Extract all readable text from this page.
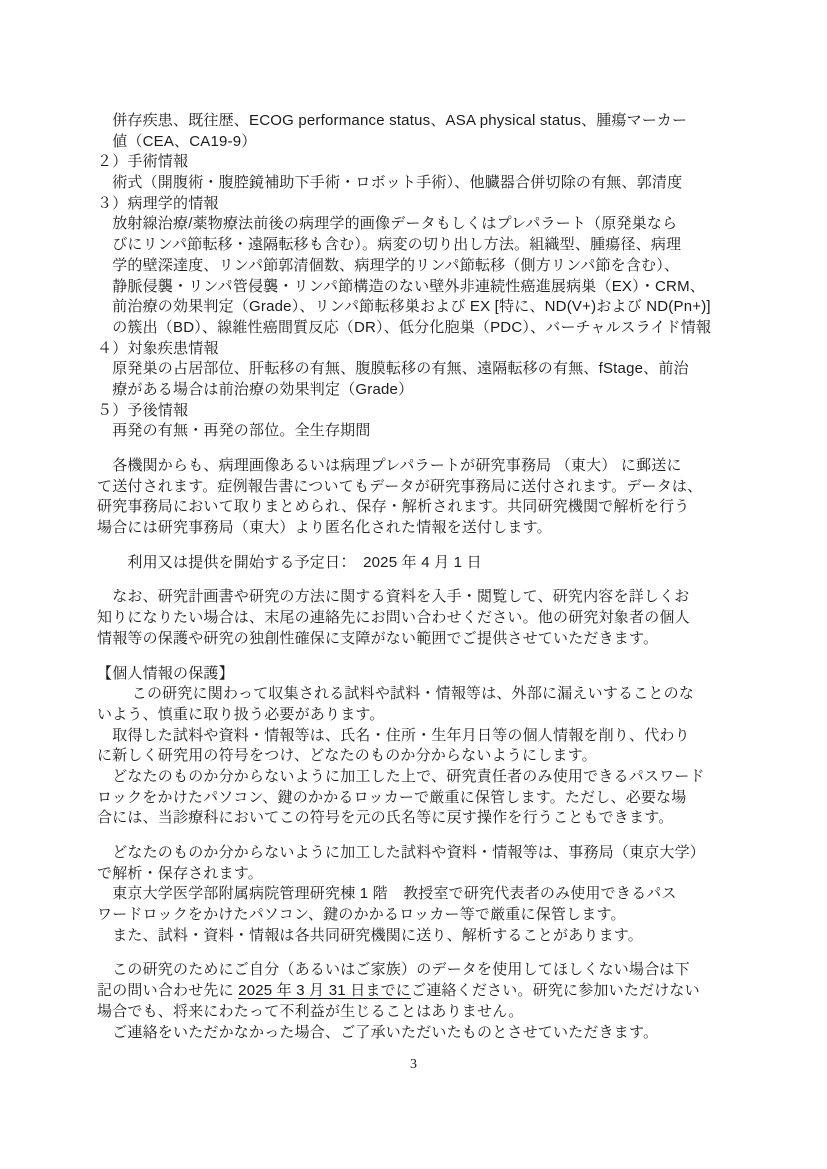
　併存疾患、既往歴、ECOG performance status、ASA physical status、腫瘍マーカー
　値（CEA、CA19-9）
２）手術情報
　術式（開腹術・腹腔鏡補助下手術・ロボット手術）、他臓器合併切除の有無、郭清度
３）病理学的情報
　放射線治療/薬物療法前後の病理学的画像データもしくはプレパラート（原発巣なら
　びにリンパ節転移・遠隔転移も含む）。病変の切り出し方法。組織型、腫瘍径、病理
　学的壁深達度、リンパ節郭清個数、病理学的リンパ節転移（側方リンパ節を含む）、
　静脈侵襲・リンパ管侵襲・リンパ節構造のない壁外非連続性癌進展病巣（EX）・CRM、
　前治療の効果判定（Grade）、リンパ節転移巣および EX [特に、ND(V+)および ND(Pn+)]
　の簇出（BD）、線維性癌間質反応（DR）、低分化胞巣（PDC）、バーチャルスライド情報
４）対象疾患情報
　原発巣の占居部位、肝転移の有無、腹膜転移の有無、遠隔転移の有無、fStage、前治
　療がある場合は前治療の効果判定（Grade）
５）予後情報
　再発の有無・再発の部位。全生存期間
　各機関からも、病理画像あるいは病理プレパラートが研究事務局 （東大） に郵送に
て送付されます。症例報告書についてもデータが研究事務局に送付されます。データは、
研究事務局において取りまとめられ、保存・解析されます。共同研究機関で解析を行う
場合には研究事務局（東大）より匿名化された情報を送付します。
　　利用又は提供を開始する予定日：　2025 年 4 月 1 日
　なお、研究計画書や研究の方法に関する資料を入手・閲覧して、研究内容を詳しくお
知りになりたい場合は、末尾の連絡先にお問い合わせください。他の研究対象者の個人
情報等の保護や研究の独創性確保に支障がない範囲でご提供させていただきます。
【個人情報の保護】
　　 この研究に関わって収集される試料や試料・情報等は、外部に漏えいすることのな
いよう、慎重に取り扱う必要があります。
　取得した試料や資料・情報等は、氏名・住所・生年月日等の個人情報を削り、代わり
に新しく研究用の符号をつけ、どなたのものか分からないようにします。
　どなたのものか分からないように加工した上で、研究責任者のみ使用できるパスワード
ロックをかけたパソコン、鍵のかかるロッカーで厳重に保管します。ただし、必要な場
合には、当診療科においてこの符号を元の氏名等に戻す操作を行うこともできます。
　どなたのものか分からないように加工した試料や資料・情報等は、事務局（東京大学）
で解析・保存されます。
　東京大学医学部附属病院管理研究棟 1 階　教授室で研究代表者のみ使用できるパス
ワードロックをかけたパソコン、鍵のかかるロッカー等で厳重に保管します。
　また、試料・資料・情報は各共同研究機関に送り、解析することがあります。
　この研究のためにご自分（あるいはご家族）のデータを使用してほしくない場合は下
記の問い合わせ先に 2025 年 3 月 31 日までにご連絡ください。研究に参加いただけない
場合でも、将来にわたって不利益が生じることはありません。
　ご連絡をいただかなかった場合、ご了承いただいたものとさせていただきます。
3
